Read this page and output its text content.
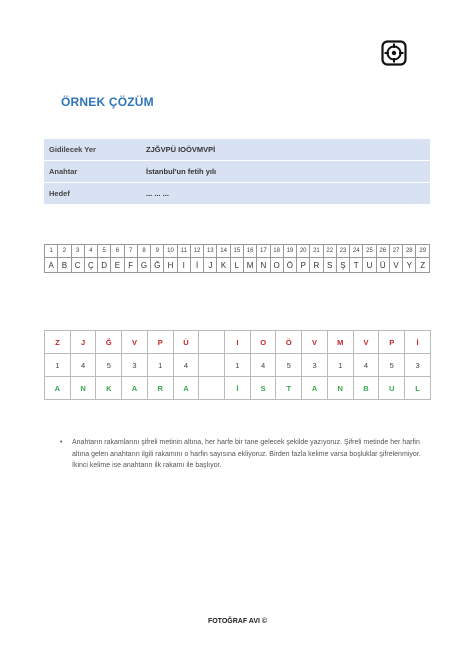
ÖRNEK ÇÖZÜM
Gidilecek Yer	ZJĞVPÜ IOÖVMVPİ
Anahtar	İstanbul'un fetih yılı
Hedef	... ... ...
1	2	3	4	5	6	7	8	9	10	11	12	13	14	15	16	17	18	19	20	21	22	23	24	25	26	27	28	29
A	B	C	Ç	D	E	F	G	Ğ	H	I	İ	J	K	L	M	N	O	Ö	P	R	S	Ş	T	U	Ü	V	Y	Z
Z	J	Ğ	V	P	Ü		I	O	Ö	V	M	V	P	İ
1	4	5	3	1	4		1	4	5	3	1	4	5	3
A	N	K	A	R	A		İ	S	T	A	N	B	U	L
• Anahtarın rakamlarını şifreli metinin altına, her harfe bir tane gelecek şekilde yazıyoruz. Şifreli metinde her harfin altına gelen anahtarın ilgili rakamını o harfin sayısına ekliyoruz. Birden fazla kelime varsa boşluklar şifrelenmiyor. İkinci kelime ise anahtarın ilk rakamı ile başlıyor.
FOTOĞRAF AVI ©
